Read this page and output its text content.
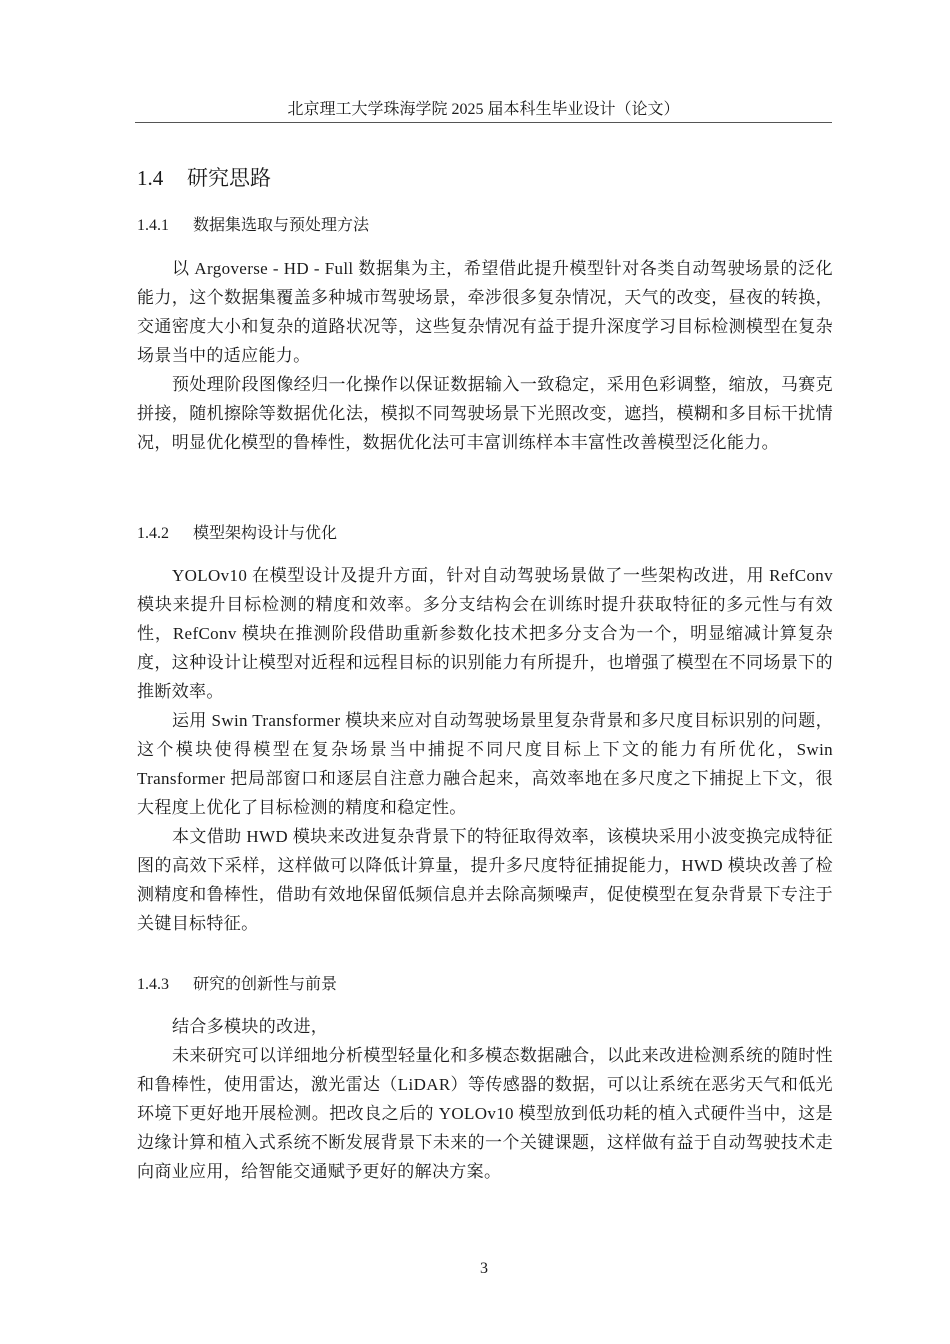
北京理工大学珠海学院 2025 届本科生毕业设计（论文）
1.4 研究思路
1.4.1 数据集选取与预处理方法

以 Argoverse - HD - Full 数据集为主，希望借此提升模型针对各类自动驾驶场景的泛化能力，这个数据集覆盖多种城市驾驶场景，牵涉很多复杂情况，天气的改变，昼夜的转换，交通密度大小和复杂的道路状况等，这些复杂情况有益于提升深度学习目标检测模型在复杂场景当中的适应能力。

预处理阶段图像经归一化操作以保证数据输入一致稳定，采用色彩调整，缩放，马赛克拼接，随机擦除等数据优化法，模拟不同驾驶场景下光照改变，遮挡，模糊和多目标干扰情况，明显优化模型的鲁棒性，数据优化法可丰富训练样本丰富性改善模型泛化能力。

1.4.2 模型架构设计与优化

YOLOv10 在模型设计及提升方面，针对自动驾驶场景做了一些架构改进，用 RefConv 模块来提升目标检测的精度和效率。多分支结构会在训练时提升获取特征的多元性与有效性，RefConv 模块在推测阶段借助重新参数化技术把多分支合为一个，明显缩减计算复杂度，这种设计让模型对近程和远程目标的识别能力有所提升，也增强了模型在不同场景下的推断效率。

运用 Swin Transformer 模块来应对自动驾驶场景里复杂背景和多尺度目标识别的问题，这个模块使得模型在复杂场景当中捕捉不同尺度目标上下文的能力有所优化，Swin Transformer 把局部窗口和逐层自注意力融合起来，高效率地在多尺度之下捕捉上下文，很大程度上优化了目标检测的精度和稳定性。

本文借助 HWD 模块来改进复杂背景下的特征取得效率，该模块采用小波变换完成特征图的高效下采样，这样做可以降低计算量，提升多尺度特征捕捉能力，HWD 模块改善了检测精度和鲁棒性，借助有效地保留低频信息并去除高频噪声，促使模型在复杂背景下专注于关键目标特征。

1.4.3 研究的创新性与前景

结合多模块的改进，

未来研究可以详细地分析模型轻量化和多模态数据融合，以此来改进检测系统的随时性和鲁棒性，使用雷达，激光雷达（LiDAR）等传感器的数据，可以让系统在恶劣天气和低光环境下更好地开展检测。把改良之后的 YOLOv10 模型放到低功耗的植入式硬件当中，这是边缘计算和植入式系统不断发展背景下未来的一个关键课题，这样做有益于自动驾驶技术走向商业应用，给智能交通赋予更好的解决方案。

3
